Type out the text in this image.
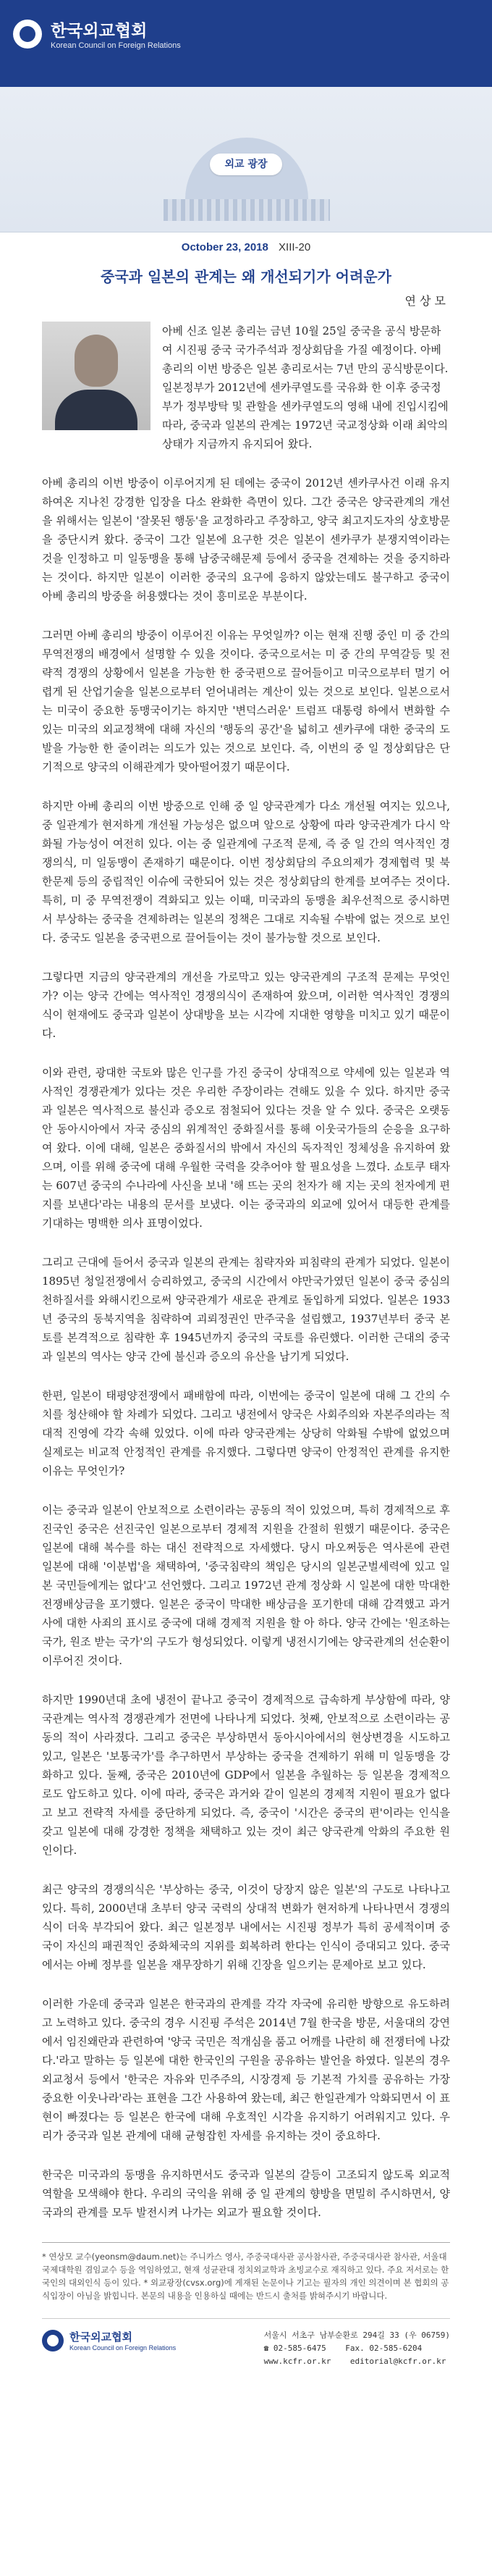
한국외교협회
Korean Council on Foreign Relations
외교 광장
October 23, 2018 XIII-20
중국과 일본의 관계는 왜 개선되기가 어려운가
연 상 모
아베 신조 일본 총리는 금년 10월 25일 중국을 공식 방문하여 시진핑 중국 국가주석과 정상회담을 가질 예정이다. 아베 총리의 이번 방중은 일본 총리로서는 7년 만의 공식방문이다. 일본정부가 2012년에 센카쿠열도를 국유화 한 이후 중국정부가 정부방탁 및 관할을 센카쿠열도의 영해 내에 진입시킴에 따라, 중국과 일본의 관계는 1972년 국교정상화 이래 최악의 상태가 지금까지 유지되어 왔다.

아베 총리의 이번 방중이 이루어지게 된 데에는 중국이 2012년 센카쿠사건 이래 유지하여온 지나친 강경한 입장을 다소 완화한 측면이 있다. 그간 중국은 양국관계의 개선을 위해서는 일본이 '잘못된 행동'을 교정하라고 주장하고, 양국 최고지도자의 상호방문을 중단시켜 왔다. 중국이 그간 일본에 요구한 것은 일본이 센카쿠가 분쟁지역이라는 것을 인정하고 미 일동맹을 통해 남중국해문제 등에서 중국을 견제하는 것을 중지하라는 것이다. 하지만 일본이 이러한 중국의 요구에 응하지 않았는데도 불구하고 중국이 아베 총리의 방중을 허용했다는 것이 흥미로운 부분이다.

그러면 아베 총리의 방중이 이루어진 이유는 무엇일까? 이는 현재 진행 중인 미 중 간의 무역전쟁의 배경에서 설명할 수 있을 것이다. 중국으로서는 미 중 간의 무역갈등 및 전략적 경쟁의 상황에서 일본을 가능한 한 중국편으로 끌어들이고 미국으로부터 멀기 어렵게 된 산업기술을 일본으로부터 얻어내려는 계산이 있는 것으로 보인다. 일본으로서는 미국이 중요한 동맹국이기는 하지만 '변덕스러운' 트럼프 대통령 하에서 변화할 수 있는 미국의 외교정책에 대해 자신의 '행동의 공간'을 넓히고 센카쿠에 대한 중국의 도발을 가능한 한 줄이려는 의도가 있는 것으로 보인다. 즉, 이번의 중 일 정상회담은 단기적으로 양국의 이해관계가 맞아떨어졌기 때문이다.

하지만 아베 총리의 이번 방중으로 인해 중 일 양국관계가 다소 개선될 여지는 있으나, 중 일관계가 현저하게 개선될 가능성은 없으며 앞으로 상황에 따라 양국관계가 다시 악화될 가능성이 여전히 있다. 이는 중 일관계에 구조적 문제, 즉 중 일 간의 역사적인 경쟁의식, 미 일동맹이 존재하기 때문이다. 이번 정상회담의 주요의제가 경제협력 및 북한문제 등의 중립적인 이슈에 국한되어 있는 것은 정상회담의 한계를 보여주는 것이다. 특히, 미 중 무역전쟁이 격화되고 있는 이때, 미국과의 동맹을 최우선적으로 중시하면서 부상하는 중국을 견제하려는 일본의 정책은 그대로 지속될 수밖에 없는 것으로 보인다. 중국도 일본을 중국편으로 끌어들이는 것이 불가능할 것으로 보인다.

그렇다면 지금의 양국관계의 개선을 가로막고 있는 양국관계의 구조적 문제는 무엇인가? 이는 양국 간에는 역사적인 경쟁의식이 존재하여 왔으며, 이러한 역사적인 경쟁의식이 현재에도 중국과 일본이 상대방을 보는 시각에 지대한 영향을 미치고 있기 때문이다.

이와 관련, 광대한 국토와 많은 인구를 가진 중국이 상대적으로 약세에 있는 일본과 역사적인 경쟁관계가 있다는 것은 우리한 주장이라는 견해도 있을 수 있다. 하지만 중국과 일본은 역사적으로 불신과 증오로 점철되어 있다는 것을 알 수 있다. 중국은 오랫동안 동아시아에서 자국 중심의 위계적인 중화질서를 통해 이웃국가들의 순응을 요구하여 왔다. 이에 대해, 일본은 중화질서의 밖에서 자신의 독자적인 정체성을 유지하여 왔으며, 이를 위해 중국에 대해 우월한 국력을 갖추어야 할 필요성을 느꼈다. 쇼토쿠 태자는 607년 중국의 수나라에 사신을 보내 '해 뜨는 곳의 천자가 해 지는 곳의 천자에게 편지를 보낸다'라는 내용의 문서를 보냈다. 이는 중국과의 외교에 있어서 대등한 관계를 기대하는 명백한 의사 표명이었다.

그리고 근대에 들어서 중국과 일본의 관계는 침략자와 피침략의 관계가 되었다. 일본이 1895년 청일전쟁에서 승리하였고, 중국의 시간에서 야만국가였던 일본이 중국 중심의 천하질서를 와해시킨으로써 양국관계가 새로운 관계로 돌입하게 되었다. 일본은 1933년 중국의 동북지역을 침략하여 괴뢰정권인 만주국을 설립했고, 1937년부터 중국 본토를 본격적으로 침략한 후 1945년까지 중국의 국토를 유린했다. 이러한 근대의 중국과 일본의 역사는 양국 간에 불신과 증오의 유산을 남기게 되었다.

한편, 일본이 태평양전쟁에서 패배함에 따라, 이번에는 중국이 일본에 대해 그 간의 수치를 청산해야 할 차례가 되었다. 그리고 냉전에서 양국은 사회주의와 자본주의라는 적대적 진영에 각각 속해 있었다. 이에 따라 양국관계는 상당히 악화될 수밖에 없었으며 실제로는 비교적 안정적인 관계를 유지했다. 그렇다면 양국이 안정적인 관계를 유지한 이유는 무엇인가?

이는 중국과 일본이 안보적으로 소련이라는 공동의 적이 있었으며, 특히 경제적으로 후진국인 중국은 선진국인 일본으로부터 경제적 지원을 간절히 원했기 때문이다. 중국은 일본에 대해 복수를 하는 대신 전략적으로 자세했다. 당시 마오쩌둥은 역사론에 관련 일본에 대해 '이분법'을 채택하여, '중국침략의 책임은 당시의 일본군벌세력에 있고 일본 국민들에게는 없다'고 선언했다. 그리고 1972년 관계 정상화 시 일본에 대한 막대한 전쟁배상금을 포기했다. 일본은 중국이 막대한 배상금을 포기한데 대해 감격했고 과거사에 대한 사죄의 표시로 중국에 대해 경제적 지원을 할 아 하다. 양국 간에는 '원조하는 국가, 원조 받는 국가'의 구도가 형성되었다. 이렇게 냉전시기에는 양국관계의 선순환이 이루어진 것이다.

하지만 1990년대 초에 냉전이 끝나고 중국이 경제적으로 급속하게 부상함에 따라, 양국관계는 역사적 경쟁관계가 전면에 나타나게 되었다. 첫째, 안보적으로 소련이라는 공동의 적이 사라졌다. 그리고 중국은 부상하면서 동아시아에서의 현상변경을 시도하고 있고, 일본은 '보통국가'를 추구하면서 부상하는 중국을 견제하기 위해 미 일동맹을 강화하고 있다. 둘째, 중국은 2010년에 GDP에서 일본을 추월하는 등 일본을 경제적으로도 압도하고 있다. 이에 따라, 중국은 과거와 같이 일본의 경제적 지원이 필요가 없다고 보고 전략적 자세를 중단하게 되었다. 즉, 중국이 '시간은 중국의 편'이라는 인식을 갖고 일본에 대해 강경한 정책을 채택하고 있는 것이 최근 양국관계 악화의 주요한 원인이다.

최근 양국의 경쟁의식은 '부상하는 중국, 이것이 당장지 않은 일본'의 구도로 나타나고 있다. 특히, 2000년대 초부터 양국 국력의 상대적 변화가 현저하게 나타나면서 경쟁의식이 더욱 부각되어 왔다. 최근 일본정부 내에서는 시진핑 정부가 특히 공세적이며 중국이 자신의 패권적인 중화체국의 지위를 회복하려 한다는 인식이 증대되고 있다. 중국에서는 아베 정부를 일본을 재무장하기 위해 긴장을 일으키는 문제아로 보고 있다.

이러한 가운데 중국과 일본은 한국과의 관계를 각각 자국에 유리한 방향으로 유도하려고 노력하고 있다. 중국의 경우 시진핑 주석은 2014년 7월 한국을 방문, 서울대의 강연에서 임진왜란과 관련하여 '양국 국민은 적개심을 품고 어깨를 나란히 해 전쟁터에 나갔다.'라고 말하는 등 일본에 대한 한국인의 구원을 공유하는 발언을 하였다. 일본의 경우 외교청서 등에서 '한국은 자유와 민주주의, 시장경제 등 기본적 가치를 공유하는 가장 중요한 이웃나라'라는 표현을 그간 사용하여 왔는데, 최근 한일관계가 악화되면서 이 표현이 빠졌다는 등 일본은 한국에 대해 우호적인 시각을 유지하기 어려워지고 있다. 우리가 중국과 일본 관계에 대해 균형잡힌 자세를 유지하는 것이 중요하다.

한국은 미국과의 동맹을 유지하면서도 중국과 일본의 갈등이 고조되지 않도록 외교적 역할을 모색해야 한다. 우리의 국익을 위해 중 일 관계의 향방을 면밀히 주시하면서, 양국과의 관계를 모두 발전시켜 나가는 외교가 필요할 것이다.

* 연상모 교수(yeonsm@daum.net)는 주니카스 영사, 주중국대사관 공사참사관, 주중국대사관 참사관, 서울대 국제대학원 겸임교수 등을 역임하였고, 현재 성균관대 정치외교학과 초빙교수로 재직하고 있다. 주요 저서로는 한국인의 대외인식 등이 있다. * 외교광장(cvsx.org)에 게재된 논문이나 기고는 필자의 개인 의견이며 본 협회의 공식입장이 아님을 밝힙니다. 본문의 내용을 인용하실 때에는 반드시 출처를 밝혀주시기 바랍니다.
한국외교협회
Korean Council on Foreign Relations
서울시 서초구 남부순환로 294길 33 (우 06759)
☎ 02-585-6475 Fax. 02-585-6204
www.kcfr.or.kr editorial@kcfr.or.kr
